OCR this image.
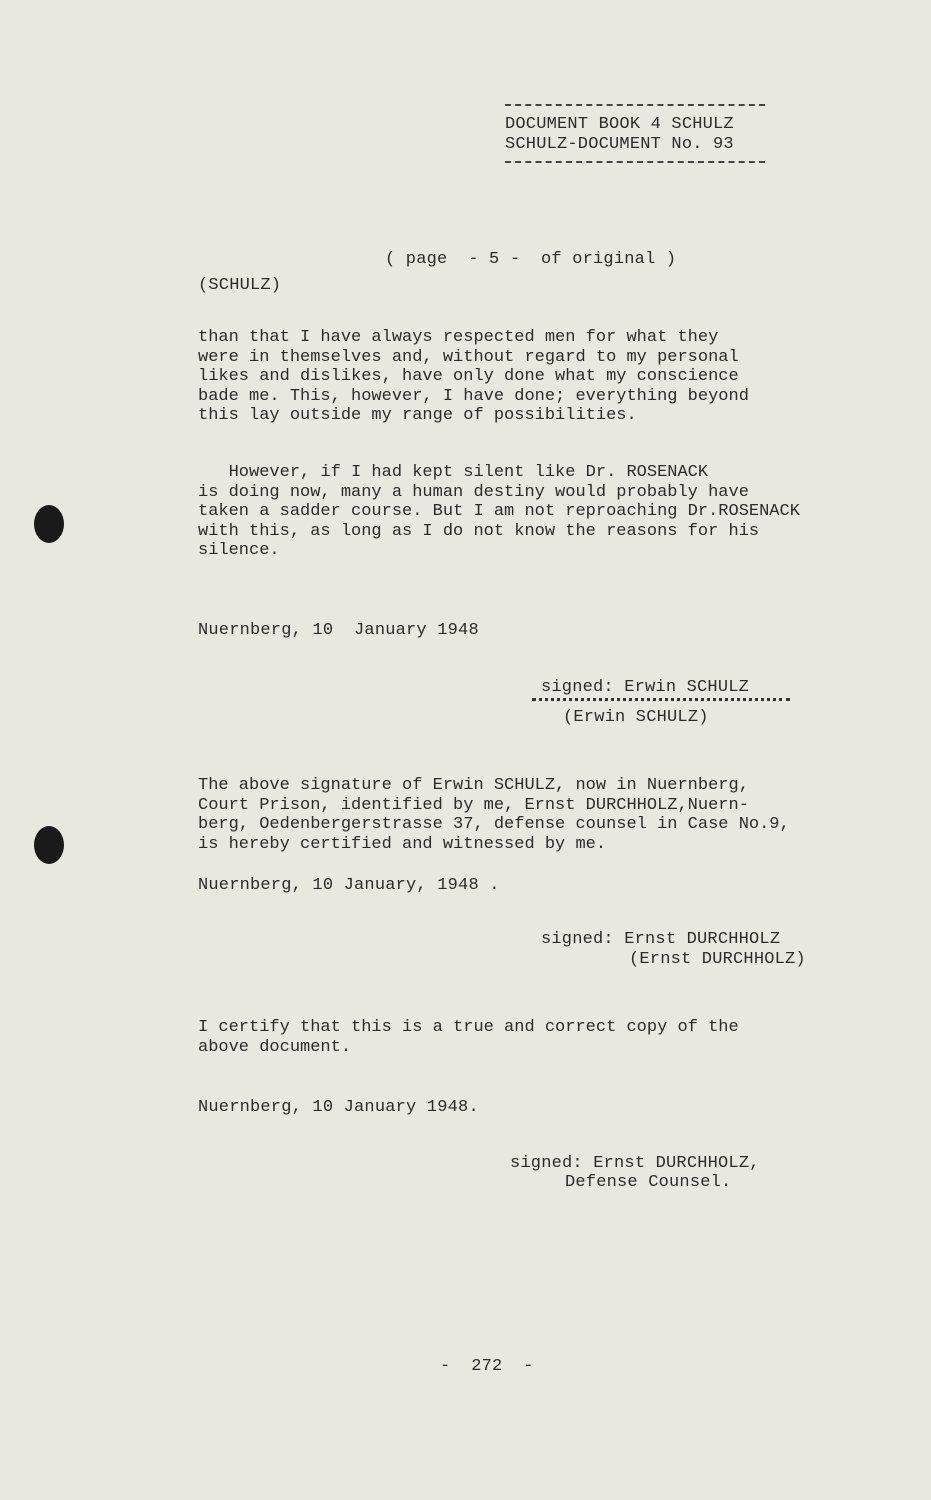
DOCUMENT BOOK 4 SCHULZ
SCHULZ-DOCUMENT No. 93
( page  - 5 -  of original )
(SCHULZ)
than that I have always respected men for what they
were in themselves and, without regard to my personal
likes and dislikes, have only done what my conscience
bade me. This, however, I have done; everything beyond
this lay outside my range of possibilities.
However, if I had kept silent like Dr. ROSENACK
is doing now, many a human destiny would probably have
taken a sadder course. But I am not reproaching Dr.ROSENACK
with this, as long as I do not know the reasons for his
silence.
Nuernberg, 10  January 1948
signed: Erwin SCHULZ
(Erwin SCHULZ)
The above signature of Erwin SCHULZ, now in Nuernberg,
Court Prison, identified by me, Ernst DURCHHOLZ,Nuern-
berg, Oedenbergerstrasse 37, defense counsel in Case No.9,
is hereby certified and witnessed by me.
Nuernberg, 10 January, 1948 .
signed: Ernst DURCHHOLZ
(Ernst DURCHHOLZ)
I certify that this is a true and correct copy of the
above document.
Nuernberg, 10 January 1948.
signed: Ernst DURCHHOLZ,
Defense Counsel.
-  272  -
